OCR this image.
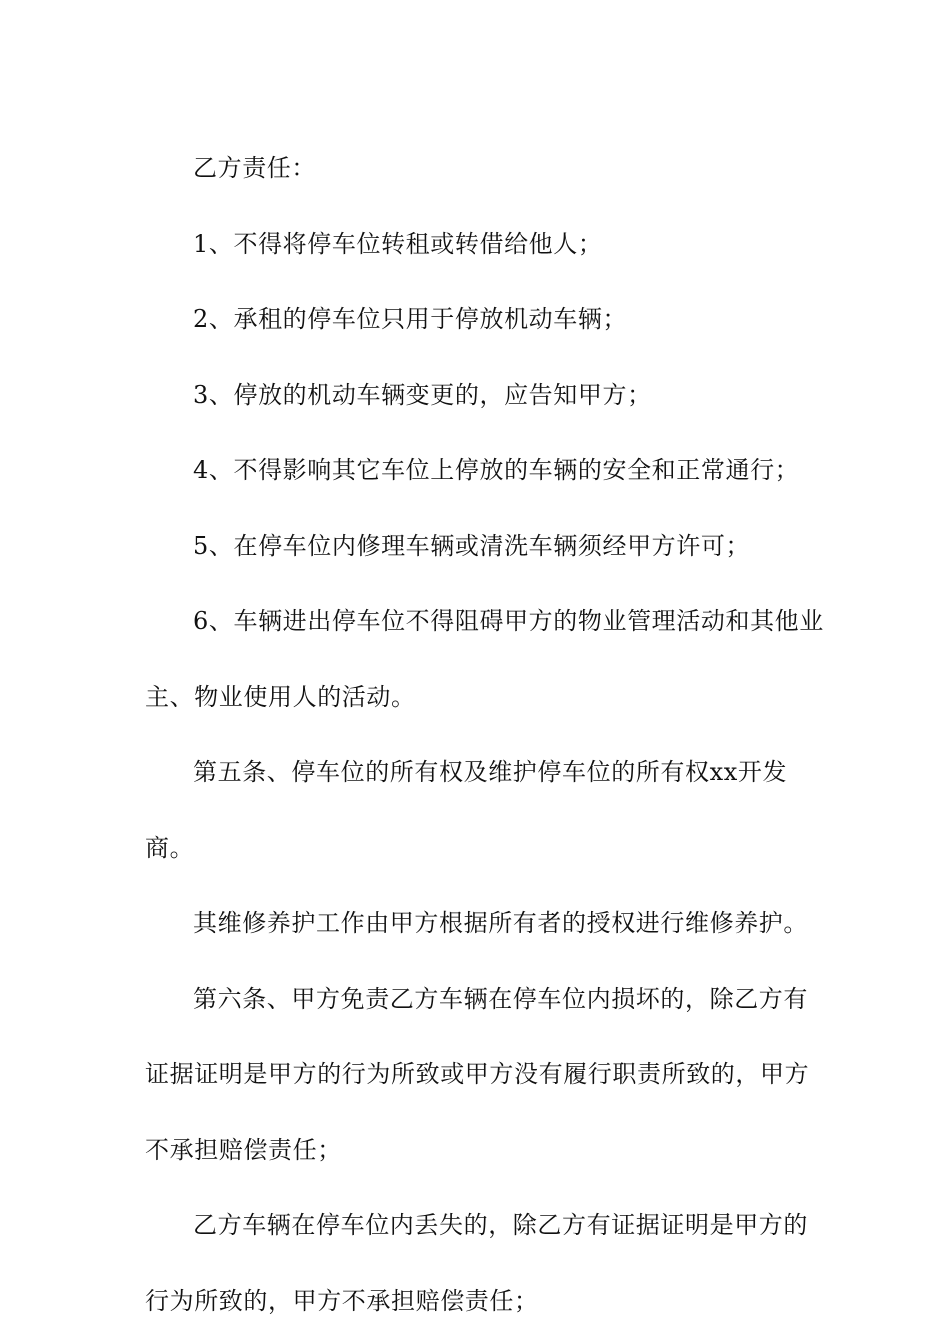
乙方责任：

1、不得将停车位转租或转借给他人；

2、承租的停车位只用于停放机动车辆；

3、停放的机动车辆变更的，应告知甲方；

4、不得影响其它车位上停放的车辆的安全和正常通行；

5、在停车位内修理车辆或清洗车辆须经甲方许可；

6、车辆进出停车位不得阻碍甲方的物业管理活动和其他业主、物业使用人的活动。

第五条、停车位的所有权及维护停车位的所有权xx开发商。

其维修养护工作由甲方根据所有者的授权进行维修养护。

第六条、甲方免责乙方车辆在停车位内损坏的，除乙方有证据证明是甲方的行为所致或甲方没有履行职责所致的，甲方不承担赔偿责任；

乙方车辆在停车位内丢失的，除乙方有证据证明是甲方的行为所致的，甲方不承担赔偿责任；
